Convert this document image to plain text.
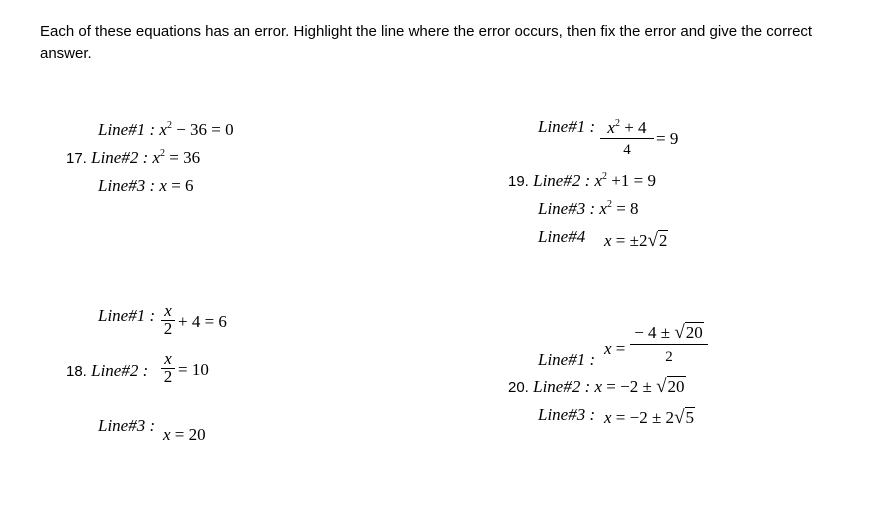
Each of these equations has an error. Highlight the line where the error occurs, then fix the error and give the correct answer.
Line#1 : $x^2 - 36 = 0$
17. Line#2 : $x^2 = 36$
Line#3 : x = 6
Line#1 : $\frac{x}{2} + 4 = 6$
18. Line#2 : $\frac{x}{2} = 10$
Line#3 : x = 20
Line#1 : $\frac{x^2 + 4}{4} = 9$
19. Line#2 : $x^2 +1 = 9$
Line#3 : $x^2 = 8$
Line#4 x = ±2√2
$x = \frac{- 4 \pm √20}{2}$
Line#1 :
20. Line#2 : x = −2 ± √20
Line#3 : x = −2 ± 2√5
